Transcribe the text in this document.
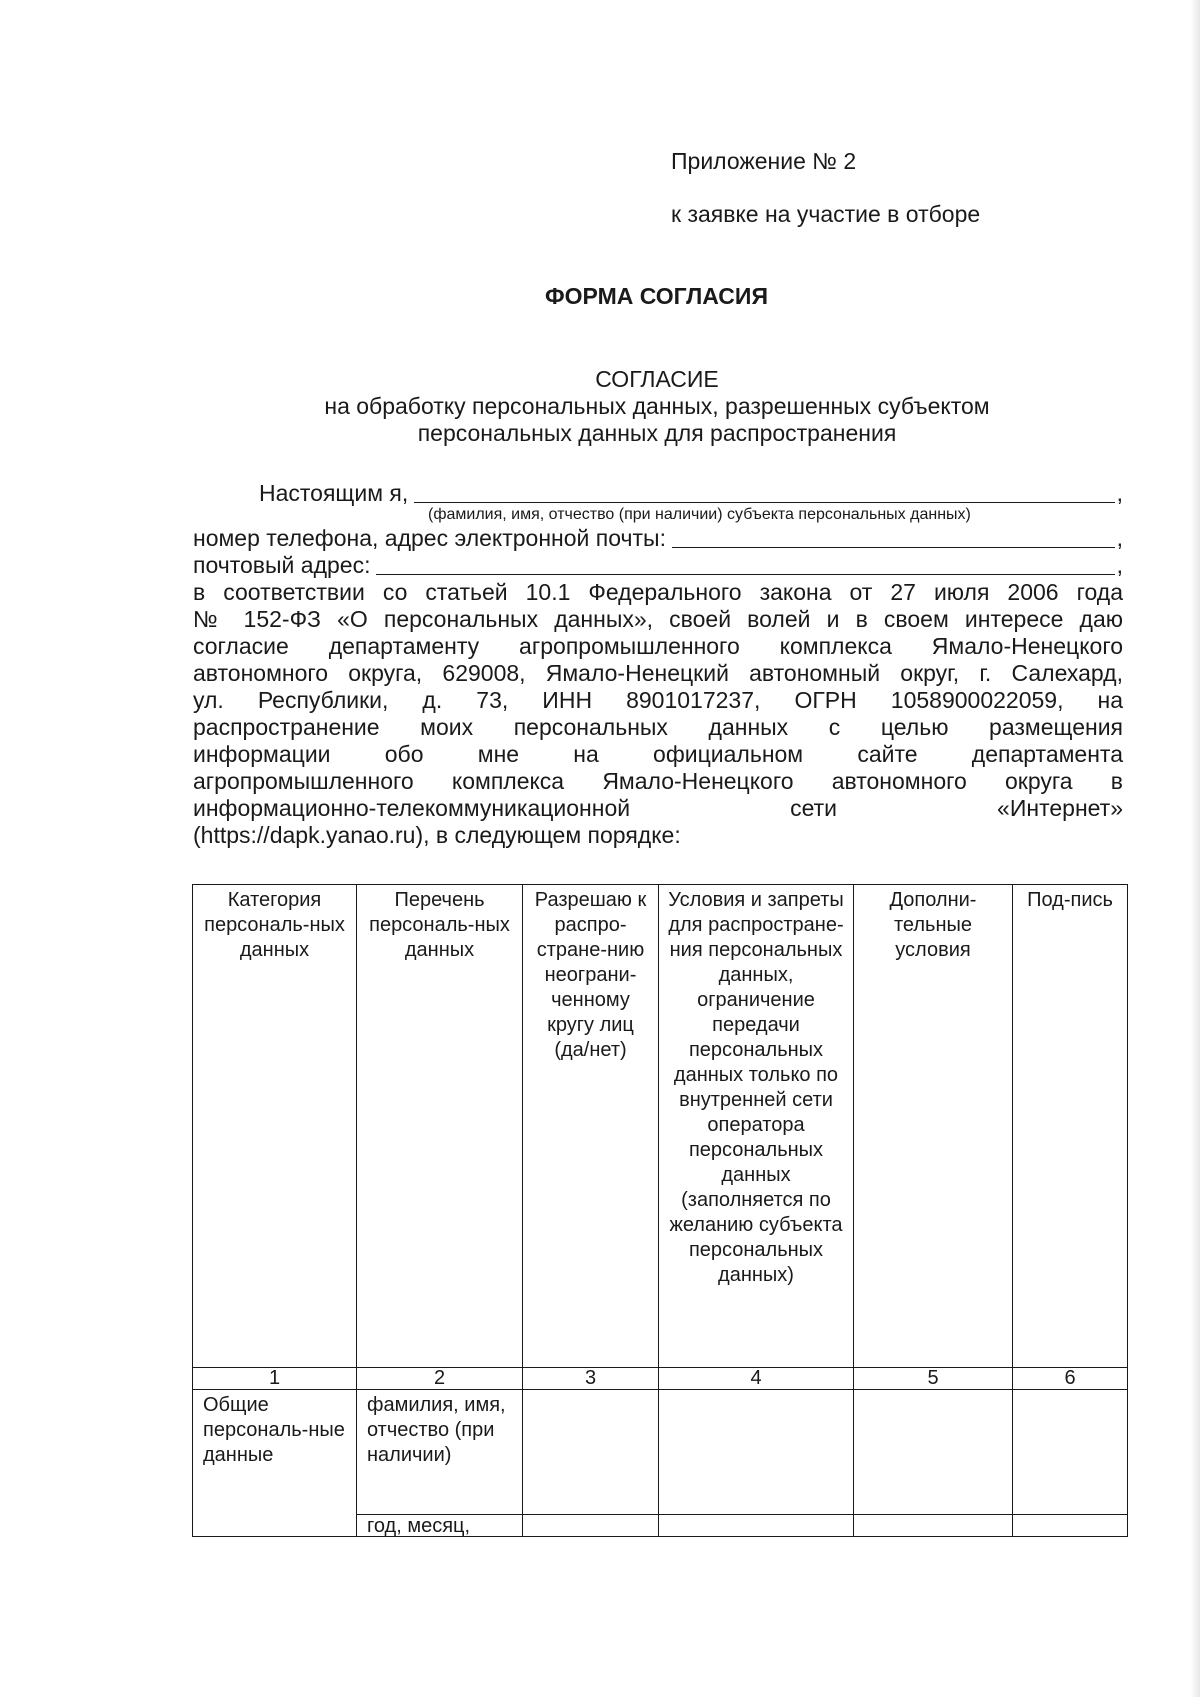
Приложение № 2
к заявке на участие в отборе
ФОРМА СОГЛАСИЯ
СОГЛАСИЕ
на обработку персональных данных, разрешенных субъектом
персональных данных для распространения
Настоящим я,	,
(фамилия, имя, отчество (при наличии) субъекта персональных данных)
номер телефона, адрес электронной почты:	,
почтовый адрес:	,
в соответствии со статьей 10.1 Федерального закона от 27 июля 2006 года
№ 152-ФЗ «О персональных данных», своей волей и в своем интересе даю
согласие департаменту агропромышленного комплекса Ямало-Ненецкого
автономного округа, 629008, Ямало-Ненецкий автономный округ, г. Салехард,
ул. Республики, д. 73, ИНН 8901017237, ОГРН 1058900022059, на
распространение моих персональных данных с целью размещения
информации обо мне на официальном сайте департамента
агропромышленного комплекса Ямало-Ненецкого автономного округа в
информационно-телекоммуникационной сети «Интернет»
(https://dapk.yanao.ru), в следующем порядке:
Категория персональ-ных данных	Перечень персональ-ных данных	Разрешаю к распро-стране-нию неограни-ченному кругу лиц (да/нет)	Условия и запреты для распростране-ния персональных данных, ограничение передачи персональных данных только по внутренней сети оператора персональных данных (заполняется по желанию субъекта персональных данных)	Дополни-тельные условия	Под-пись
1	2	3	4	5	6
Общие персональ-ные данные	фамилия, имя, отчество (при наличии)				
	год, месяц,				
